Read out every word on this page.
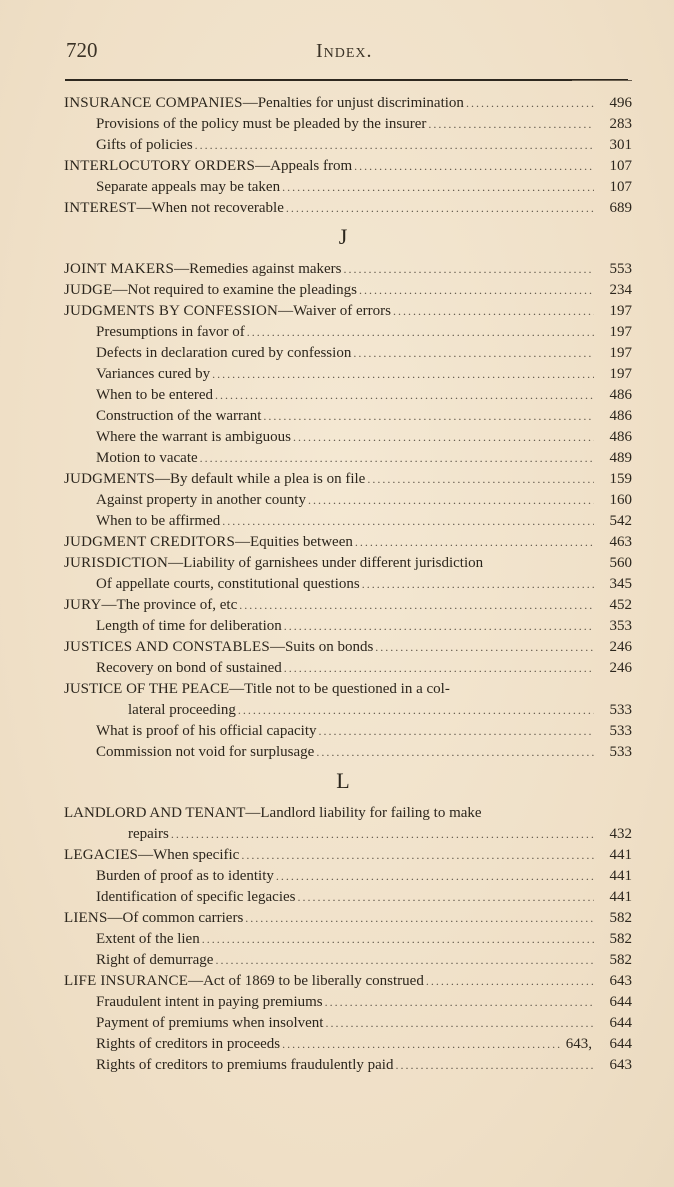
720	Index.
INSURANCE COMPANIES—Penalties for unjust discrimination .....	496
Provisions of the policy must be pleaded by the insurer .....	283
Gifts of policies .....	301
INTERLOCUTORY ORDERS—Appeals from .....	107
Separate appeals may be taken .....	107
INTEREST—When not recoverable .....	689
J
JOINT MAKERS—Remedies against makers .....	553
JUDGE—Not required to examine the pleadings .....	234
JUDGMENTS BY CONFESSION—Waiver of errors .....	197
Presumptions in favor of .....	197
Defects in declaration cured by confession .....	197
Variances cured by .....	197
When to be entered .....	486
Construction of the warrant .....	486
Where the warrant is ambiguous .....	486
Motion to vacate .....	489
JUDGMENTS—By default while a plea is on file .....	159
Against property in another county .....	160
When to be affirmed .....	542
JUDGMENT CREDITORS—Equities between .....	463
JURISDICTION—Liability of garnishees under different jurisdiction	560
Of appellate courts, constitutional questions .....	345
JURY—The province of, etc .....	452
Length of time for deliberation .....	353
JUSTICES AND CONSTABLES—Suits on bonds .....	246
Recovery on bond of sustained .....	246
JUSTICE OF THE PEACE—Title not to be questioned in a col-
lateral proceeding .....	533
What is proof of his official capacity .....	533
Commission not void for surplusage .....	533
L
LANDLORD AND TENANT—Landlord liability for failing to make
repairs .....	432
LEGACIES—When specific .....	441
Burden of proof as to identity .....	441
Identification of specific legacies .....	441
LIENS—Of common carriers .....	582
Extent of the lien .....	582
Right of demurrage .....	582
LIFE INSURANCE—Act of 1869 to be liberally construed .....	643
Fraudulent intent in paying premiums .....	644
Payment of premiums when insolvent .....	644
Rights of creditors in proceeds .....	643,	644
Rights of creditors to premiums fraudulently paid .....	643
